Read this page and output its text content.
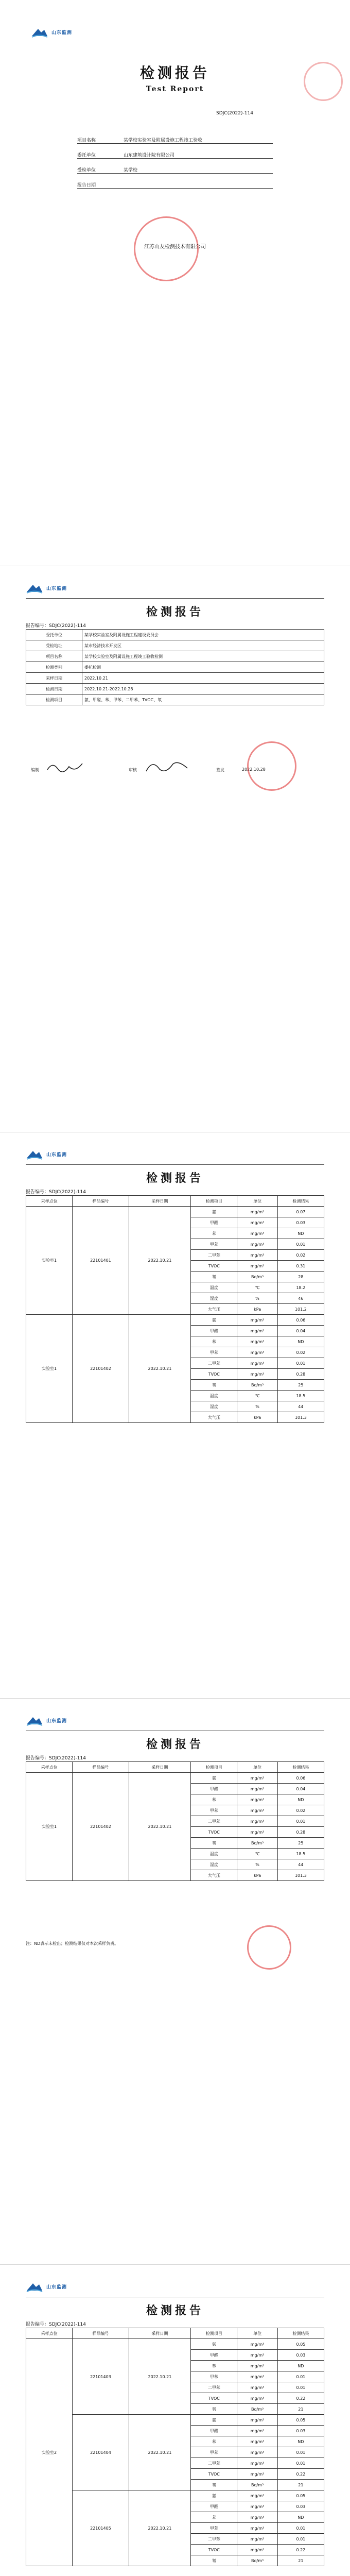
山东监测
检测报告
Test Report
SDJC(2022)-114
项目名称	某学校实验室及附属设施工程竣工验收
委托单位	山东建筑设计院有限公司
受检单位	某学校
报告日期
江苏山友检测技术有限公司
山东监测
检测报告
报告编号：SDJC(2022)-114
委托单位	某学校实验室及附属设施工程建设委员会
受检地址	某市经济技术开发区
项目名称	某学校实验室及附属设施工程竣工验收检测
检测类别	委托检测
采样日期	2022.10.21
检测日期	2022.10.21-2022.10.28
检测项目	氨、甲醛、苯、甲苯、二甲苯、TVOC、氡
编制	审核	签发	2022.10.28
山东监测
检测报告
报告编号：SDJC(2022)-114
采样点位	样品编号	采样日期	检测项目	单位	检测结果
实验室1	22101401	2022.10.21	氨	mg/m³	0.07
			甲醛	mg/m³	0.03
			苯	mg/m³	ND
			甲苯	mg/m³	0.01
			二甲苯	mg/m³	0.02
			TVOC	mg/m³	0.31
			氡	Bq/m³	28
			温度	℃	18.2
			湿度	%	46
			大气压	kPa	101.2
实验室1	22101402	2022.10.21	氨	mg/m³	0.06
			甲醛	mg/m³	0.04
			苯	mg/m³	ND
			甲苯	mg/m³	0.02
			二甲苯	mg/m³	0.01
			TVOC	mg/m³	0.28
			氡	Bq/m³	25
			温度	℃	18.5
			湿度	%	44
			大气压	kPa	101.3
山东监测
检测报告
报告编号：SDJC(2022)-114
采样点位	样品编号	采样日期	检测项目	单位	检测结果
实验室1	22101402	2022.10.21	氨	mg/m³	0.06
			甲醛	mg/m³	0.04
			苯	mg/m³	ND
			甲苯	mg/m³	0.02
			二甲苯	mg/m³	0.01
			TVOC	mg/m³	0.28
			氡	Bq/m³	25
			温度	℃	18.5
			湿度	%	44
			大气压	kPa	101.3
注：ND表示未检出；检测结果仅对本次采样负责。
山东监测
检测报告
报告编号：SDJC(2022)-114
采样点位	样品编号	采样日期	检测项目	单位	检测结果
实验室2	22101403	2022.10.21	氨	mg/m³	0.05
			甲醛	mg/m³	0.03
			苯	mg/m³	ND
			甲苯	mg/m³	0.01
			二甲苯	mg/m³	0.01
			TVOC	mg/m³	0.22
			氡	Bq/m³	21
	22101404	2022.10.21	氨	mg/m³	0.05
			甲醛	mg/m³	0.03
			苯	mg/m³	ND
			甲苯	mg/m³	0.01
			二甲苯	mg/m³	0.01
			TVOC	mg/m³	0.22
			氡	Bq/m³	21
	22101405	2022.10.21	氨	mg/m³	0.05
			甲醛	mg/m³	0.03
			苯	mg/m³	ND
			甲苯	mg/m³	0.01
			二甲苯	mg/m³	0.01
			TVOC	mg/m³	0.22
			氡	Bq/m³	21
